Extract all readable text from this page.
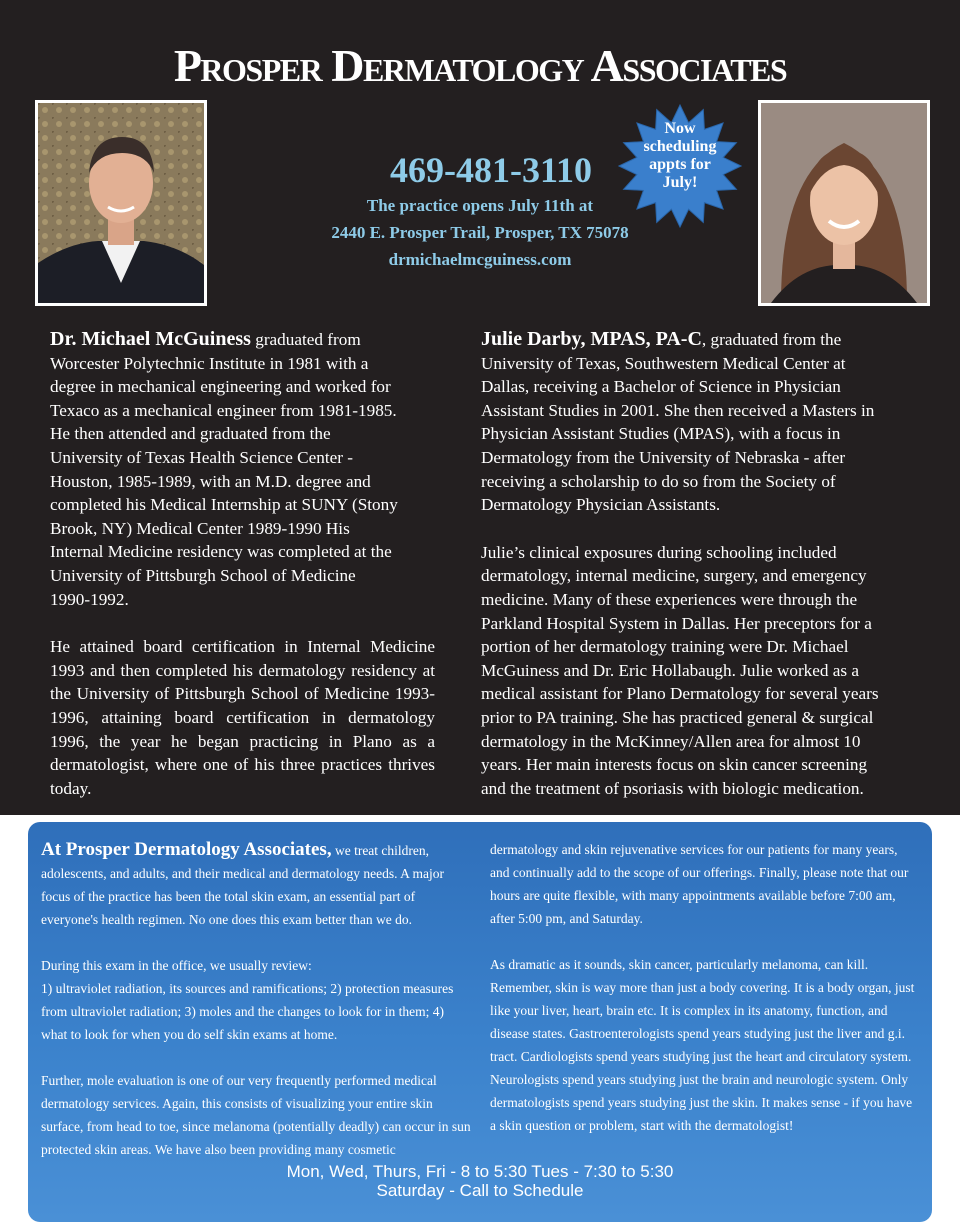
Prosper Dermatology Associates
469-481-3110
The practice opens July 11th at
2440 E. Prosper Trail, Prosper, TX 75078
drmichaelmcguiness.com
Now
scheduling
appts for
July!

Dr. Michael McGuiness graduated from
Worcester Polytechnic Institute in 1981 with a
degree in mechanical engineering and worked for
Texaco as a mechanical engineer from 1981-1985.
He then attended and graduated from the
University of Texas Health Science Center -
Houston, 1985-1989, with an M.D. degree and
completed his Medical Internship at SUNY (Stony
Brook, NY) Medical Center 1989-1990 His
Internal Medicine residency was completed at the
University of Pittsburgh School of Medicine
1990-1992.

He attained board certification in Internal Medicine 1993 and then completed his dermatology residency at the University of Pittsburgh School of Medicine 1993-1996, attaining board certification in dermatology 1996, the year he began practicing in Plano as a dermatologist, where one of his three practices thrives today.

Julie Darby, MPAS, PA-C, graduated from the
University of Texas, Southwestern Medical Center at
Dallas, receiving a Bachelor of Science in Physician
Assistant Studies in 2001. She then received a Masters in
Physician Assistant Studies (MPAS), with a focus in
Dermatology from the University of Nebraska - after
receiving a scholarship to do so from the Society of
Dermatology Physician Assistants.

Julie’s clinical exposures during schooling included
dermatology, internal medicine, surgery, and emergency
medicine. Many of these experiences were through the
Parkland Hospital System in Dallas. Her preceptors for a
portion of her dermatology training were Dr. Michael
McGuiness and Dr. Eric Hollabaugh. Julie worked as a
medical assistant for Plano Dermatology for several years
prior to PA training. She has practiced general & surgical
dermatology in the McKinney/Allen area for almost 10
years. Her main interests focus on skin cancer screening
and the treatment of psoriasis with biologic medication.

At Prosper Dermatology Associates, we treat children, adolescents, and adults, and their medical and dermatology needs. A major focus of the practice has been the total skin exam, an essential part of everyone's health regimen. No one does this exam better than we do.

During this exam in the office, we usually review:
1) ultraviolet radiation, its sources and ramifications; 2) protection measures from ultraviolet radiation; 3) moles and the changes to look for in them; 4) what to look for when you do self skin exams at home.

Further, mole evaluation is one of our very frequently performed medical dermatology services. Again, this consists of visualizing your entire skin surface, from head to toe, since melanoma (potentially deadly) can occur in sun protected skin areas. We have also been providing many cosmetic

dermatology and skin rejuvenative services for our patients for many years, and continually add to the scope of our offerings. Finally, please note that our hours are quite flexible, with many appointments available before 7:00 am, after 5:00 pm, and Saturday.

As dramatic as it sounds, skin cancer, particularly melanoma, can kill. Remember, skin is way more than just a body covering. It is a body organ, just like your liver, heart, brain etc. It is complex in its anatomy, function, and disease states. Gastroenterologists spend years studying just the liver and g.i. tract. Cardiologists spend years studying just the heart and circulatory system. Neurologists spend years studying just the brain and neurologic system. Only dermatologists spend years studying just the skin. It makes sense - if you have a skin question or problem, start with the dermatologist!

Mon, Wed, Thurs, Fri - 8 to 5:30 Tues - 7:30 to 5:30
Saturday - Call to Schedule
